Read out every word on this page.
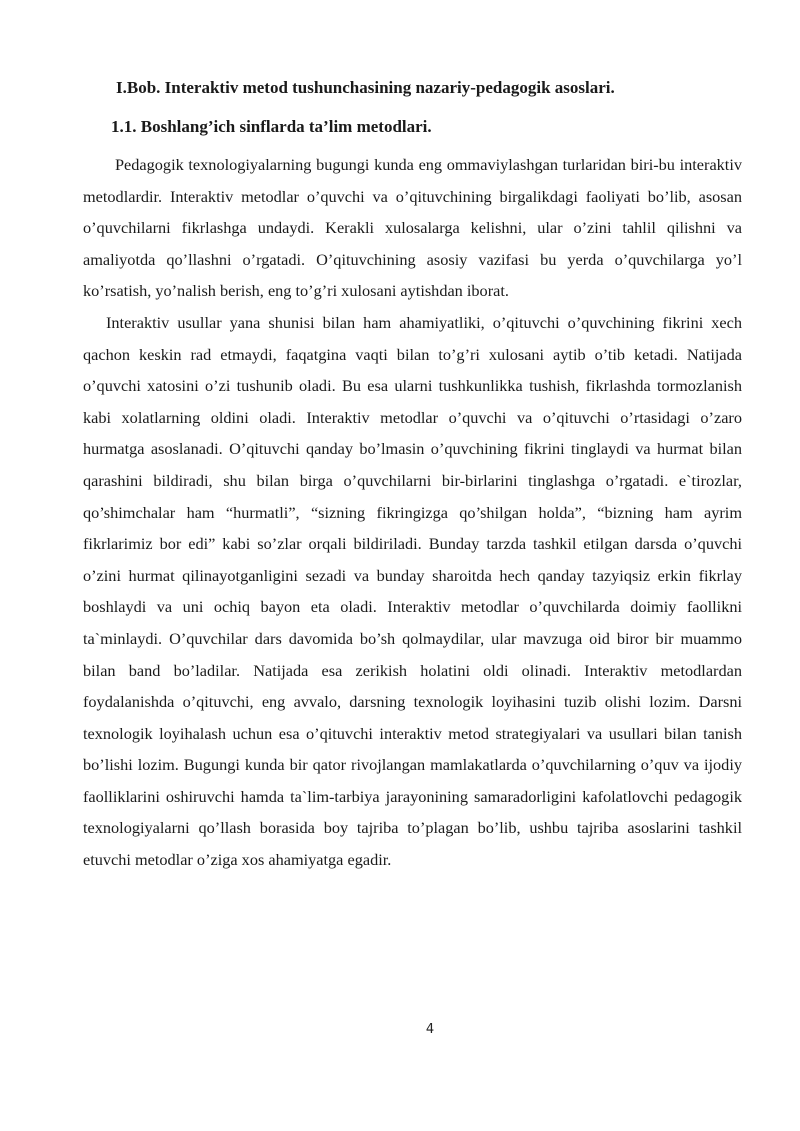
I.Bob. Interaktiv metod tushunchasining nazariy-pedagogik asoslari.

1.1. Boshlang’ich sinflarda ta’lim metodlari.

Pedagogik texnologiyalarning bugungi kunda eng ommaviylashgan turlaridan biri-bu interaktiv metodlardir. Interaktiv metodlar o’quvchi va o’qituvchining birgalikdagi faoliyati bo’lib, asosan o’quvchilarni fikrlashga undaydi. Kerakli xulosalarga kelishni, ular o’zini tahlil qilishni va amaliyotda qo’llashni o’rgatadi. O’qituvchining asosiy vazifasi bu yerda o’quvchilarga yo’l ko’rsatish, yo’nalish berish, eng to’g’ri xulosani aytishdan iborat.

Interaktiv usullar yana shunisi bilan ham ahamiyatliki, o’qituvchi o’quvchining fikrini xech qachon keskin rad etmaydi, faqatgina vaqti bilan to’g’ri xulosani aytib o’tib ketadi. Natijada o’quvchi xatosini o’zi tushunib oladi. Bu esa ularni tushkunlikka tushish, fikrlashda tormozlanish kabi xolatlarning oldini oladi. Interaktiv metodlar o’quvchi va o’qituvchi o’rtasidagi o’zaro hurmatga asoslanadi. O’qituvchi qanday bo’lmasin o’quvchining fikrini tinglaydi va hurmat bilan qarashini bildiradi, shu bilan birga o’quvchilarni bir-birlarini tinglashga o’rgatadi. e`tirozlar, qo’shimchalar ham “hurmatli”, “sizning fikringizga qo’shilgan holda”, “bizning ham ayrim fikrlarimiz bor edi” kabi so’zlar orqali bildiriladi. Bunday tarzda tashkil etilgan darsda o’quvchi o’zini hurmat qilinayotganligini sezadi va bunday sharoitda hech qanday tazyiqsiz erkin fikrlay boshlaydi va uni ochiq bayon eta oladi. Interaktiv metodlar o’quvchilarda doimiy faollikni ta`minlaydi. O’quvchilar dars davomida bo’sh qolmaydilar, ular mavzuga oid biror bir muammo bilan band bo’ladilar. Natijada esa zerikish holatini oldi olinadi. Interaktiv metodlardan foydalanishda o’qituvchi, eng avvalo, darsning texnologik loyihasini tuzib olishi lozim. Darsni texnologik loyihalash uchun esa o’qituvchi interaktiv metod strategiyalari va usullari bilan tanish bo’lishi lozim. Bugungi kunda bir qator rivojlangan mamlakatlarda o’quvchilarning o’quv va ijodiy faolliklarini oshiruvchi hamda ta`lim-tarbiya jarayonining samaradorligini kafolatlovchi pedagogik texnologiyalarni qo’llash borasida boy tajriba to’plagan bo’lib, ushbu tajriba asoslarini tashkil etuvchi metodlar o’ziga xos ahamiyatga egadir.

4
